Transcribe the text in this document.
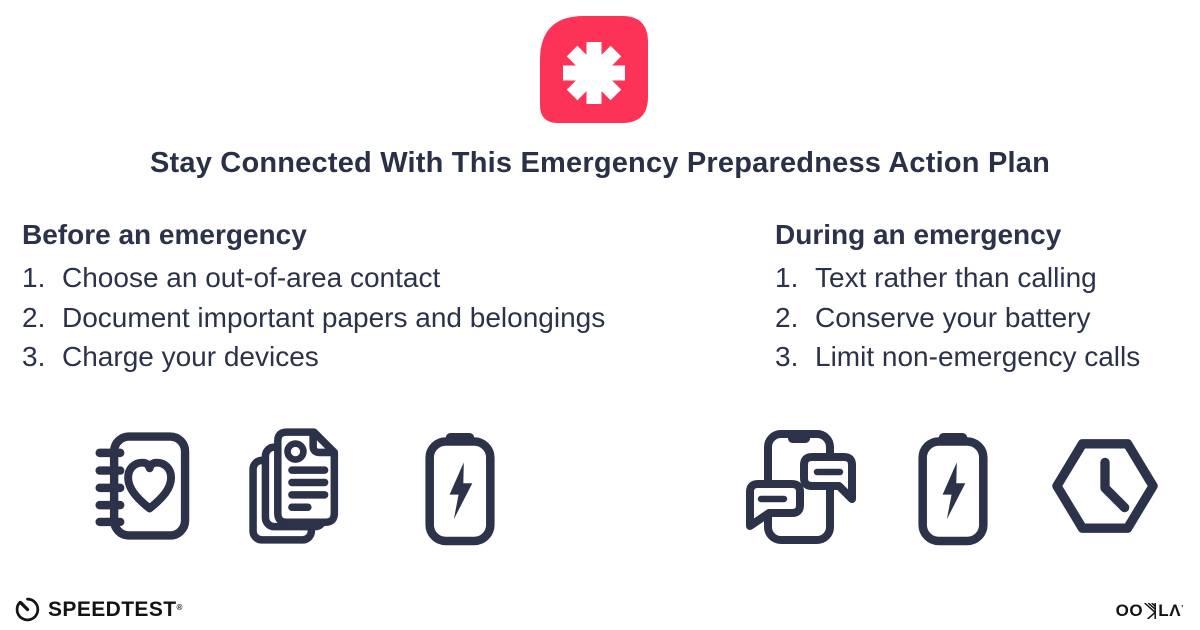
Stay Connected With This Emergency Preparedness Action Plan
Before an emergency
Choose an out-of-area contact
Document important papers and belongings
Charge your devices
During an emergency
Text rather than calling
Conserve your battery
Limit non-emergency calls
SPEEDTEST®	OO LΛ ’
